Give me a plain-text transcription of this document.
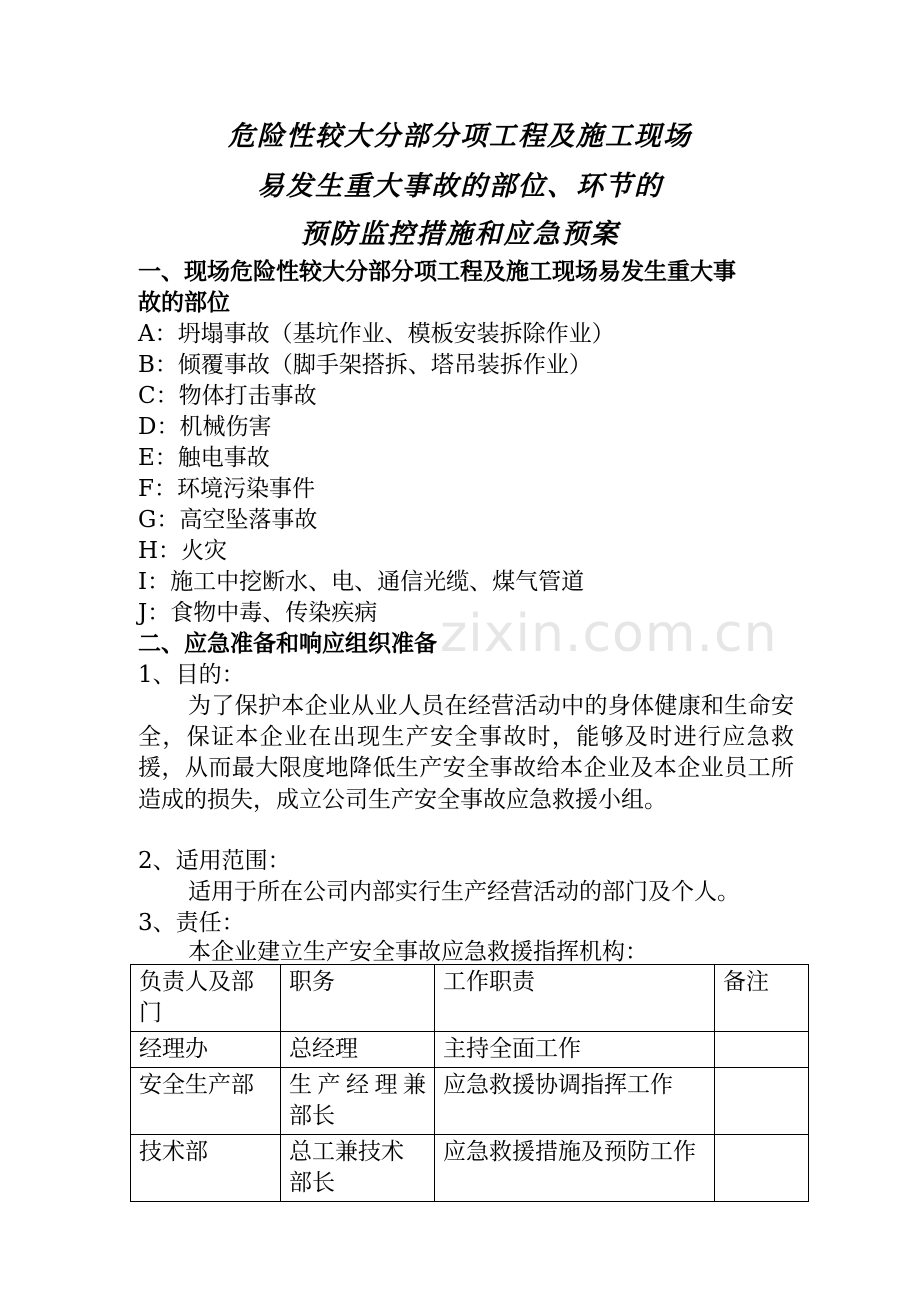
zixin.com.cn
危险性较大分部分项工程及施工现场
易发生重大事故的部位、环节的
预防监控措施和应急预案
一、现场危险性较大分部分项工程及施工现场易发生重大事
故的部位
A：坍塌事故（基坑作业、模板安装拆除作业）
B：倾覆事故（脚手架搭拆、塔吊装拆作业）
C：物体打击事故
D：机械伤害
E：触电事故
F：环境污染事件
G：高空坠落事故
H：火灾
I：施工中挖断水、电、通信光缆、煤气管道
J：食物中毒、传染疾病
二、应急准备和响应组织准备
1、目的：
为了保护本企业从业人员在经营活动中的身体健康和生命安全，保证本企业在出现生产安全事故时，能够及时进行应急救援，从而最大限度地降低生产安全事故给本企业及本企业员工所造成的损失，成立公司生产安全事故应急救援小组。
2、适用范围：
适用于所在公司内部实行生产经营活动的部门及个人。
3、责任：
本企业建立生产安全事故应急救援指挥机构：
负责人及部门	职务	工作职责	备注
经理办	总经理	主持全面工作	
安全生产部	生产经理兼部长	应急救援协调指挥工作	
技术部	总工兼技术部长	应急救援措施及预防工作	
